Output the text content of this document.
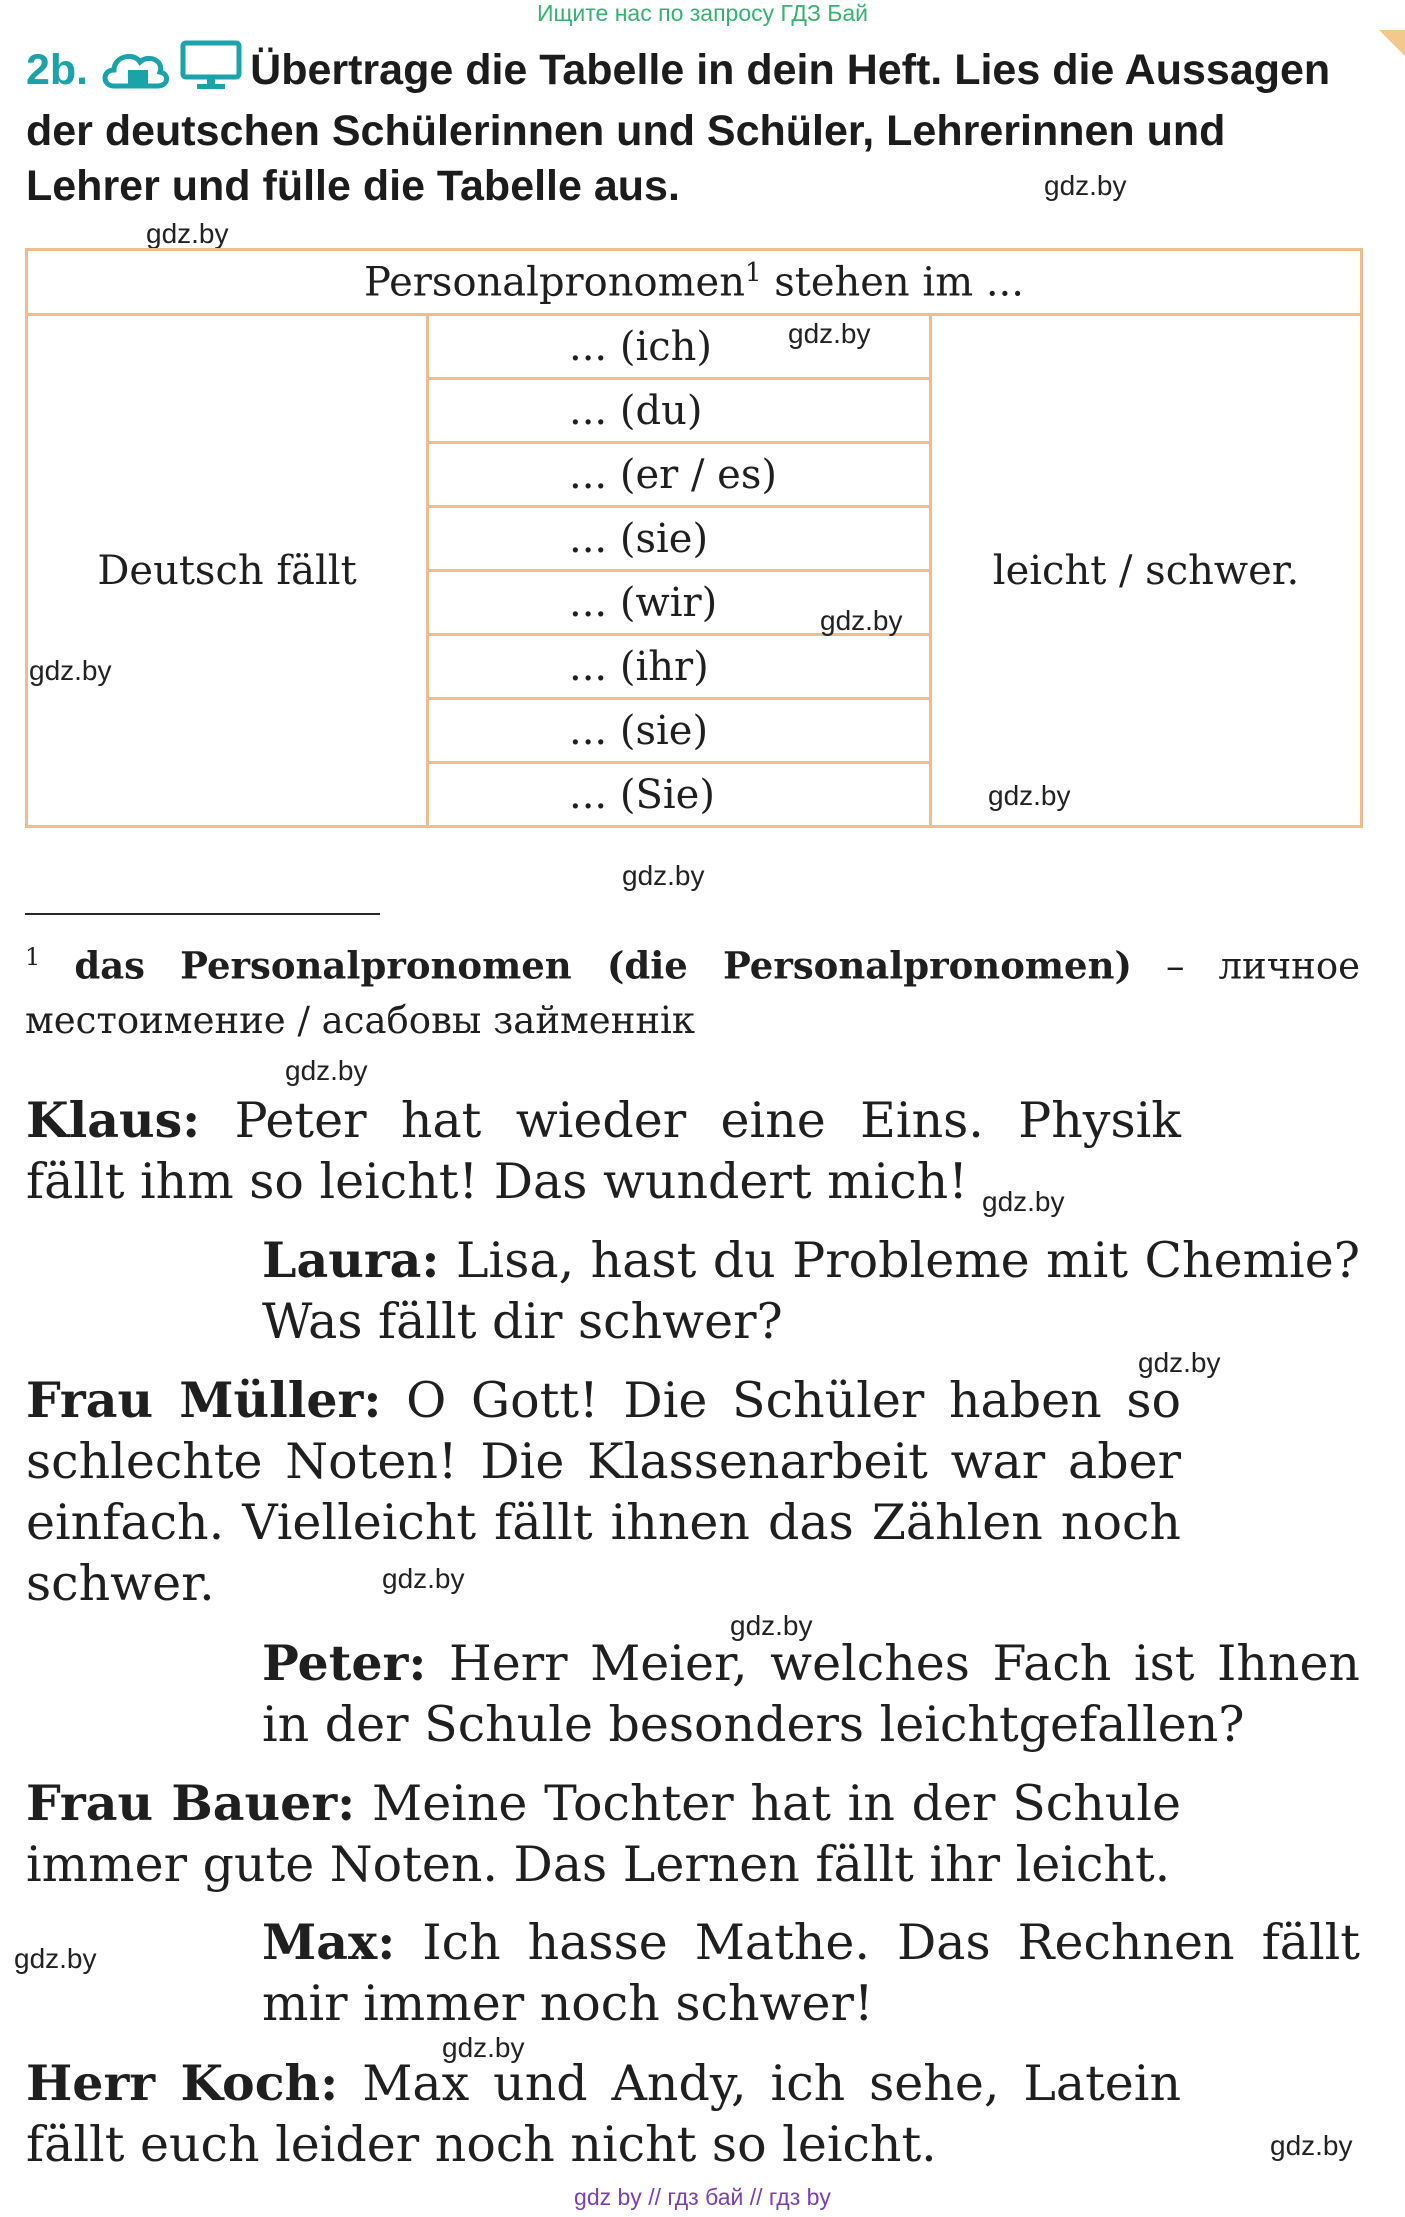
Ищите нас по запросу ГДЗ Бай
2b.	Übertrage die Tabelle in dein Heft. Lies die Aussagen der deutschen Schülerinnen und Schüler, Lehrerinnen und Lehrer und fülle die Tabelle aus.	gdz.by
gdz.by
Personalpronomen$^1$ stehen im ...
Deutsch fällt	... (ich)	leicht / schwer.
... (du)
... (er / es)
... (sie)
... (wir)
... (ihr)
... (sie)
... (Sie)
gdz.by
gdz.by
gdz.by
gdz.by
gdz.by
$^1$ das Personalpronomen (die Personalpronomen) – личное местоимение / асабовы займеннік
gdz.by
Klaus: Peter hat wieder eine Eins. Physik fällt ihm so leicht! Das wundert mich! gdz.by
Laura: Lisa, hast du Probleme mit Chemie? Was fällt dir schwer?
gdz.by
Frau Müller: O Gott! Die Schüler haben so schlechte Noten! Die Klassenarbeit war aber einfach. Vielleicht fällt ihnen das Zählen noch schwer.	gdz.by
gdz.by
Peter: Herr Meier, welches Fach ist Ihnen in der Schule besonders leichtgefallen?
Frau Bauer: Meine Tochter hat in der Schule immer gute Noten. Das Lernen fällt ihr leicht.
gdz.by	Max: Ich hasse Mathe. Das Rechnen fällt mir immer noch schwer!
gdz.by
Herr Koch: Max und Andy, ich sehe, Latein fällt euch leider noch nicht so leicht.	gdz.by
gdz by // гдз бай // гдз by
